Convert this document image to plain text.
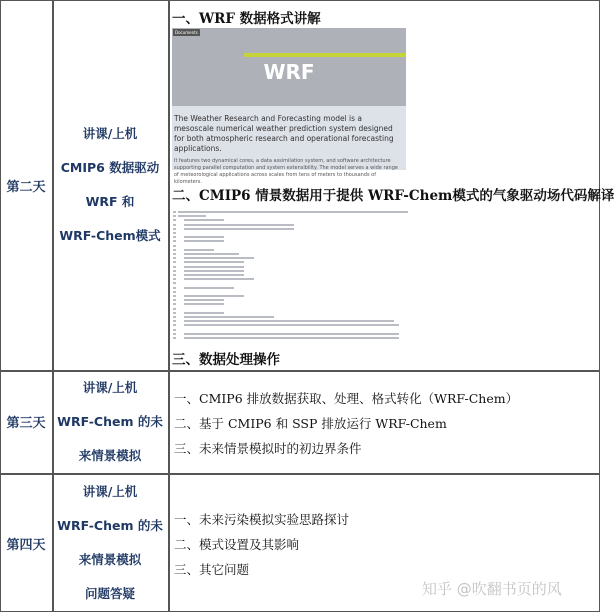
第二天
讲课/上机
CMIP6 数据驱动
WRF 和
WRF-Chem模式
一、WRF 数据格式讲解
Documents
WRF

The Weather Research and Forecasting model is a mesoscale numerical weather prediction system designed for both atmospheric research and operational forecasting applications.

It features two dynamical cores, a data assimilation system, and software architecture supporting parallel computation and system extensibility. The model serves a wide range of meteorological applications across scales from tens of meters to thousands of kilometers.

二、CMIP6 情景数据用于提供 WRF-Chem模式的气象驱动场代码解译
三、数据处理操作
第三天
讲课/上机
WRF-Chem 的未
来情景模拟
一、CMIP6 排放数据获取、处理、格式转化（WRF-Chem）
二、基于 CMIP6 和 SSP 排放运行 WRF-Chem
三、未来情景模拟时的初边界条件
第四天
讲课/上机
WRF-Chem 的未
来情景模拟
问题答疑
一、未来污染模拟实验思路探讨
二、模式设置及其影响
三、其它问题
知乎 @吹翻书页的风
